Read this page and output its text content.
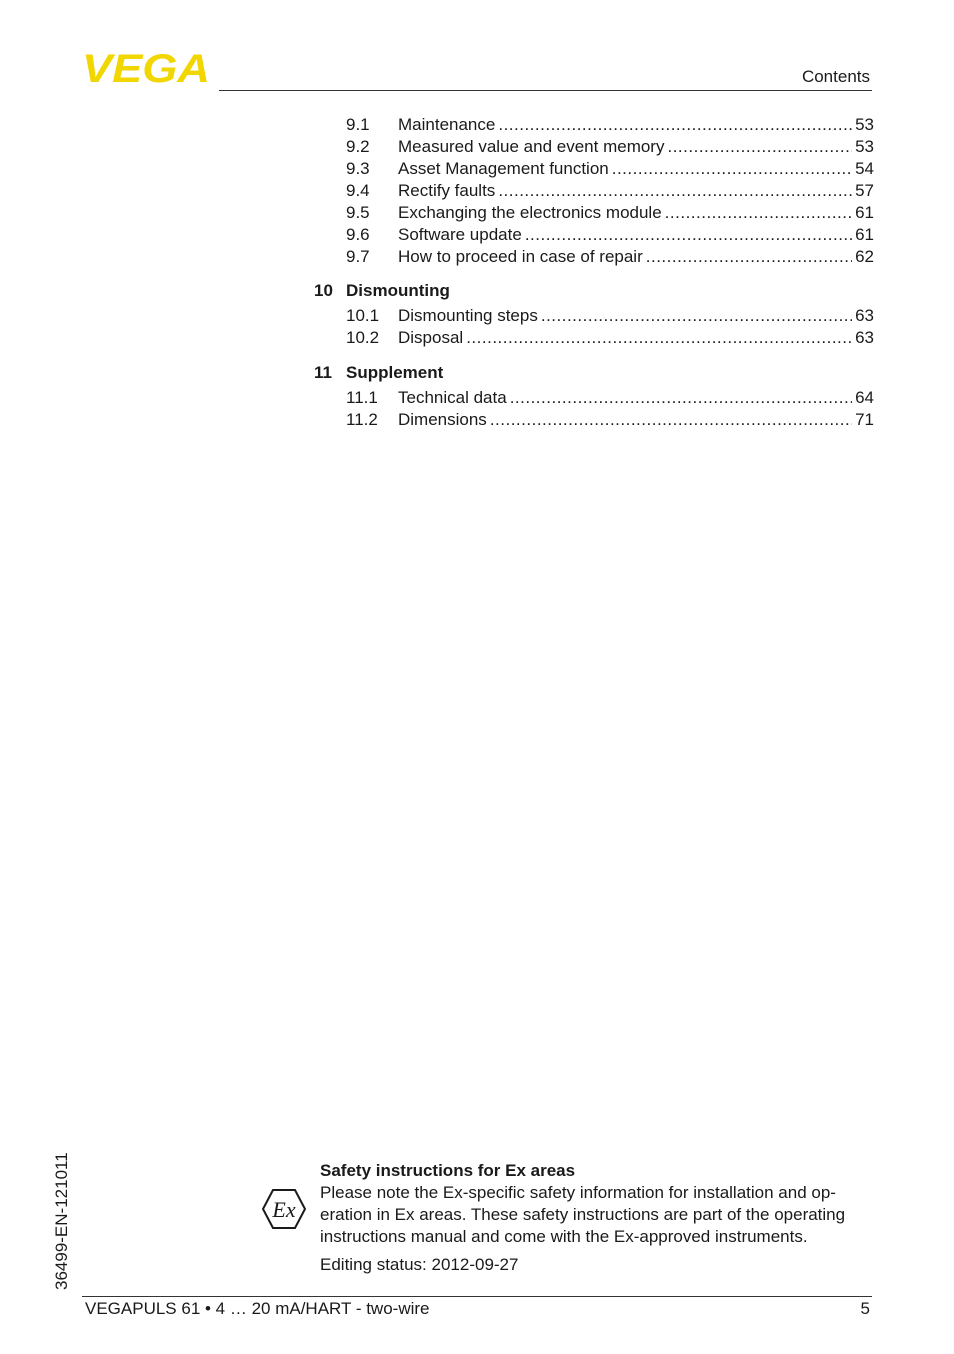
VEGA	Contents
9.1	Maintenance .....	53
9.2	Measured value and event memory .....	53
9.3	Asset Management function .....	54
9.4	Rectify faults .....	57
9.5	Exchanging the electronics module .....	61
9.6	Software update .....	61
9.7	How to proceed in case of repair .....	62
10 Dismounting
10.1	Dismounting steps .....	63
10.2	Disposal .....	63
11 Supplement
11.1	Technical data .....	64
11.2	Dimensions .....	71
36499-EN-121011	Ex
Safety instructions for Ex areas
Please note the Ex-specific safety information for installation and op-
eration in Ex areas. These safety instructions are part of the operating
instructions manual and come with the Ex-approved instruments.
Editing status: 2012-09-27
VEGAPULS 61 • 4 … 20 mA/HART - two-wire	5
